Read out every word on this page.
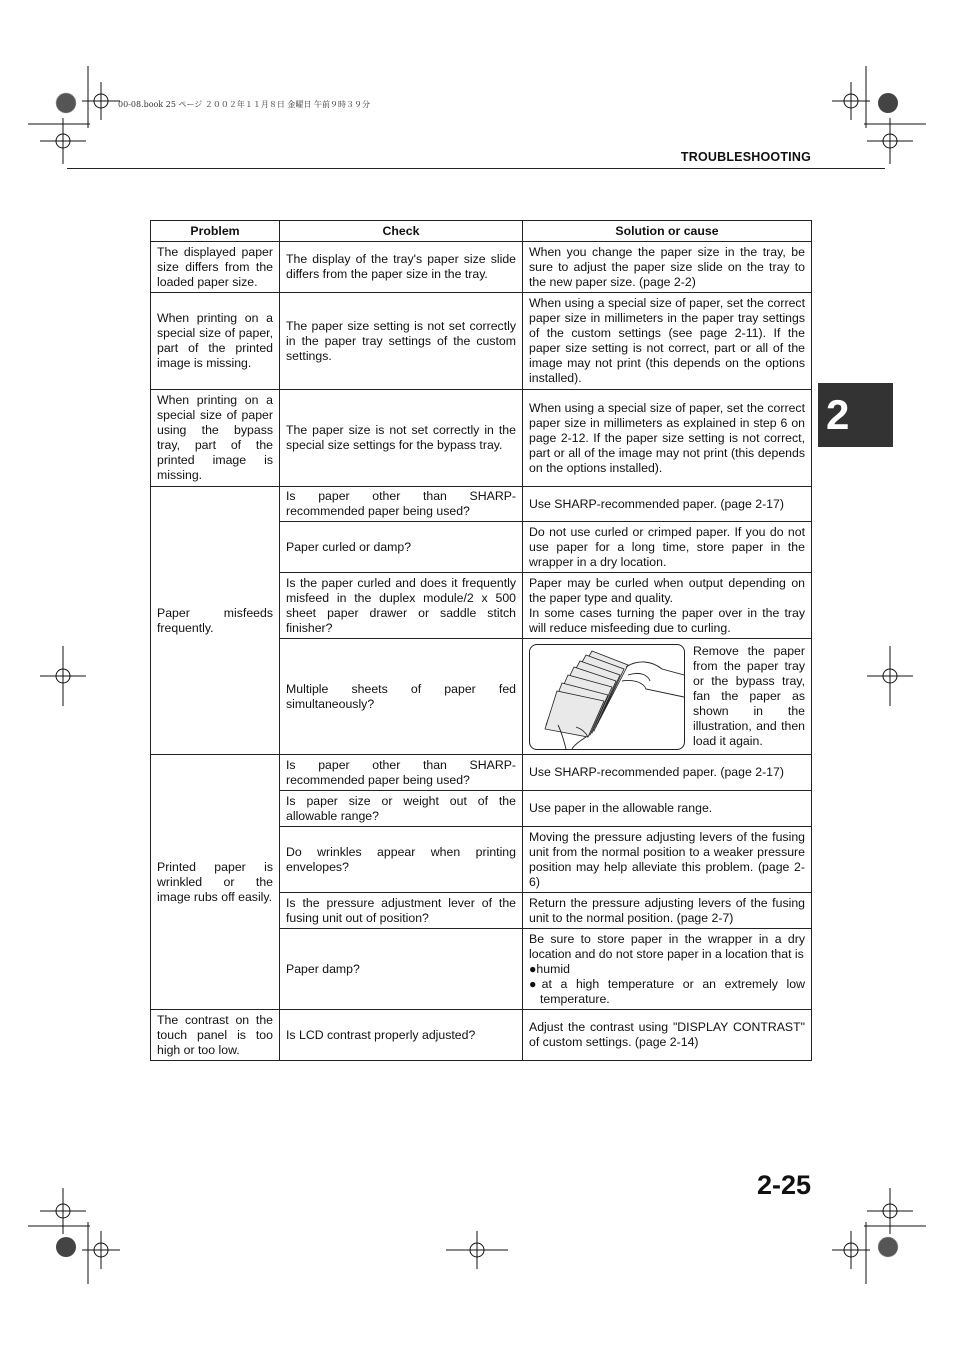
00-08.book 25 ページ ２００２年１１月８日 金曜日 午前９時３９分
TROUBLESHOOTING
2
Problem	Check	Solution or cause
The displayed paper size differs from the loaded paper size.	The display of the tray's paper size slide differs from the paper size in the tray.	When you change the paper size in the tray, be sure to adjust the paper size slide on the tray to the new paper size. (page 2-2)
When printing on a special size of paper, part of the printed image is missing.	The paper size setting is not set correctly in the paper tray settings of the custom settings.	When using a special size of paper, set the correct paper size in millimeters in the paper tray settings of the custom settings (see page 2-11). If the paper size setting is not correct, part or all of the image may not print (this depends on the options installed).
When printing on a special size of paper using the bypass tray, part of the printed image is missing.	The paper size is not set correctly in the special size settings for the bypass tray.	When using a special size of paper, set the correct paper size in millimeters as explained in step 6 on page 2-12. If the paper size setting is not correct, part or all of the image may not print (this depends on the options installed).
Paper misfeeds frequently.	Is paper other than SHARP-recommended paper being used?	Use SHARP-recommended paper. (page 2-17)
	Paper curled or damp?	Do not use curled or crimped paper. If you do not use paper for a long time, store paper in the wrapper in a dry location.
	Is the paper curled and does it frequently misfeed in the duplex module/2 x 500 sheet paper drawer or saddle stitch finisher?	Paper may be curled when output depending on the paper type and quality.
In some cases turning the paper over in the tray will reduce misfeeding due to curling.

	Multiple sheets of paper fed simultaneously?	Remove the paper from the paper tray or the bypass tray, fan the paper as shown in the illustration, and then load it again.

Printed paper is wrinkled or the image rubs off easily.	Is paper other than SHARP-recommended paper being used?	Use SHARP-recommended paper. (page 2-17)
	Is paper size or weight out of the allowable range?	Use paper in the allowable range.
	Do wrinkles appear when printing envelopes?	Moving the pressure adjusting levers of the fusing unit from the normal position to a weaker pressure position may help alleviate this problem. (page 2-6)
	Is the pressure adjustment lever of the fusing unit out of position?	Return the pressure adjusting levers of the fusing unit to the normal position. (page 2-7)
	Paper damp?	Be sure to store paper in the wrapper in a dry location and do not store paper in a location that is
●humid
●at a high temperature or an extremely low temperature.

The contrast on the touch panel is too high or too low.	Is LCD contrast properly adjusted?	Adjust the contrast using "DISPLAY CONTRAST" of custom settings. (page 2-14)
2-25
